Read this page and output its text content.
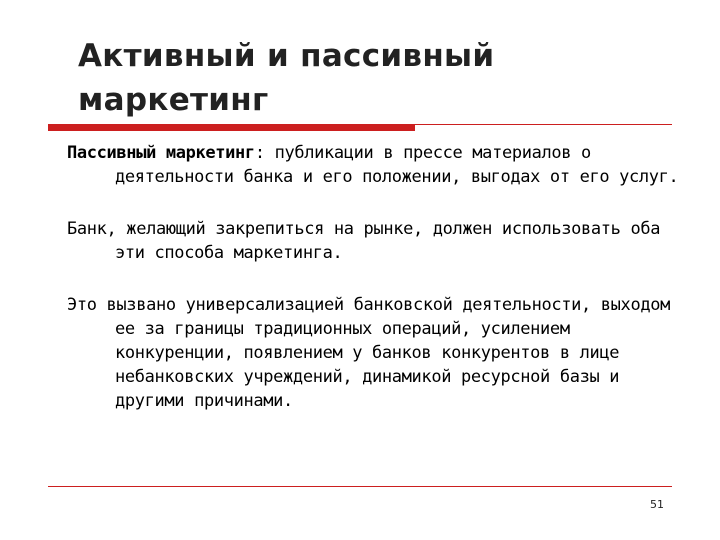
Активный и пассивный маркетинг

Пассивный маркетинг: публикации в прессе материалов о деятельности банка и его положении, выгодах от его услуг.

Банк, желающий закрепиться на рынке, должен использовать оба эти способа маркетинга.

Это вызвано универсализацией банковской деятельности, выходом ее за границы традиционных операций, усилением конкуренции, появлением у банков конкурентов в лице небанковских учреждений, динамикой ресурсной базы и другими причинами.

51
